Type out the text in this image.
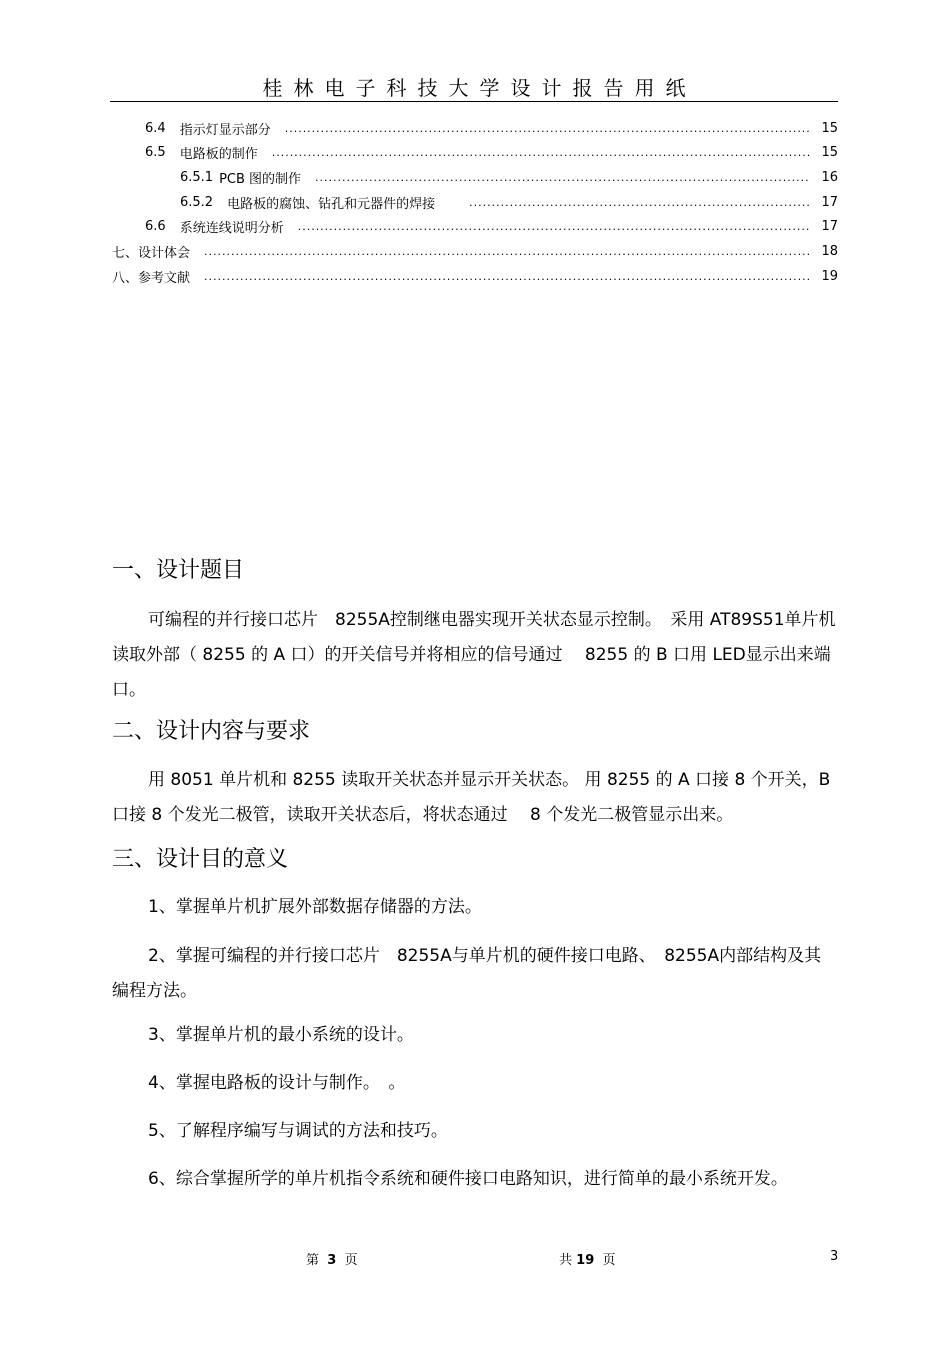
桂林电子科技大学设计报告用纸
6.4 指示灯显示部分 .....	15
6.5 电路板的制作 .....	15
6.5.1 PCB 图的制作 .....	16
6.5.2 电路板的腐蚀、钻孔和元器件的焊接 .....	17
6.6 系统连线说明分析 .....	17
七、 设计体会 .....	18
八、 参考文献 .....	19
一、设计题目

可编程的并行接口芯片　8255A控制继电器实现开关状态显示控制。　采用 AT89S51单片机读取外部（ 8255 的 A 口）的开关信号并将相应的信号通过　 8255 的 B 口用 LED显示出来端口。

二、设计内容与要求

用 8051 单片机和 8255 读取开关状态并显示开关状态。 用 8255 的 A 口接 8 个开关，B 口接 8 个发光二极管，读取开关状态后，将状态通过　 8 个发光二极管显示出来。

三、设计目的意义

1、掌握单片机扩展外部数据存储器的方法。

2、掌握可编程的并行接口芯片　8255A与单片机的硬件接口电路、　8255A内部结构及其编程方法。

3、掌握单片机的最小系统的设计。

4、掌握电路板的设计与制作。　。

5、了解程序编写与调试的方法和技巧。

6、综合掌握所学的单片机指令系统和硬件接口电路知识，进行简单的最小系统开发。

第 3 页	共 19 页	3
